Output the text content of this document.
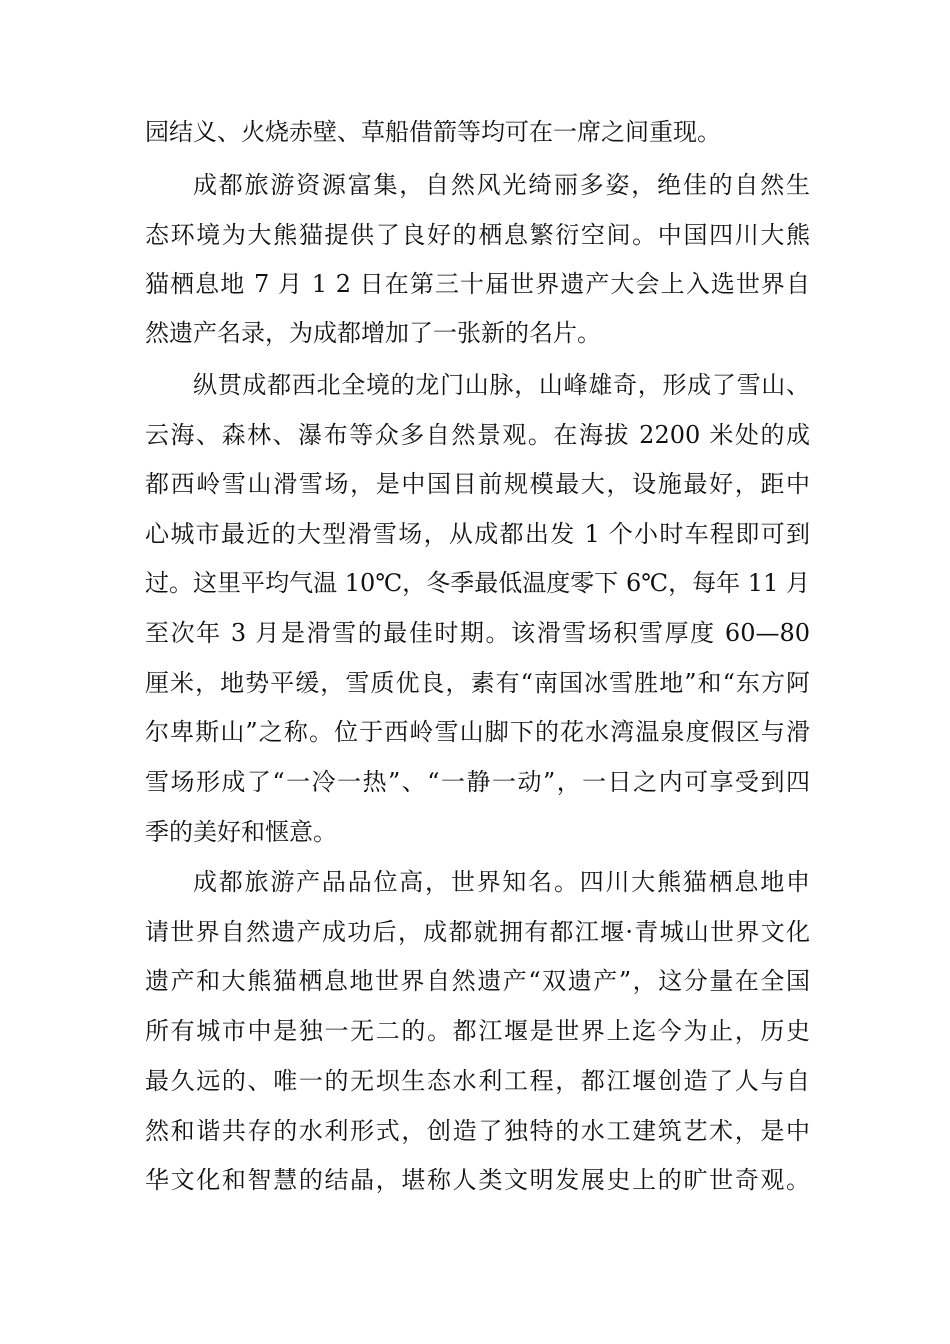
园结义、火烧赤壁、草船借箭等均可在一席之间重现。
成都旅游资源富集，自然风光绮丽多姿，绝佳的自然生
态环境为大熊猫提供了良好的栖息繁衍空间。中国四川大熊
猫栖息地 7 月 1 2 日在第三十届世界遗产大会上入选世界自
然遗产名录，为成都增加了一张新的名片。
纵贯成都西北全境的龙门山脉，山峰雄奇，形成了雪山、
云海、森林、瀑布等众多自然景观。在海拔 2200 米处的成
都西岭雪山滑雪场，是中国目前规模最大，设施最好，距中
心城市最近的大型滑雪场，从成都出发 1 个小时车程即可到
过。这里平均气温 10℃，冬季最低温度零下 6℃，每年 11 月
至次年 3 月是滑雪的最佳时期。该滑雪场积雪厚度 60—80
厘米，地势平缓，雪质优良，素有“南国冰雪胜地”和“东方阿
尔卑斯山”之称。位于西岭雪山脚下的花水湾温泉度假区与滑
雪场形成了“一冷一热”、“一静一动”，一日之内可享受到四
季的美好和惬意。
成都旅游产品品位高，世界知名。四川大熊猫栖息地申
请世界自然遗产成功后，成都就拥有都江堰·青城山世界文化
遗产和大熊猫栖息地世界自然遗产“双遗产”，这分量在全国
所有城市中是独一无二的。都江堰是世界上迄今为止，历史
最久远的、唯一的无坝生态水利工程，都江堰创造了人与自
然和谐共存的水利形式，创造了独特的水工建筑艺术，是中
华文化和智慧的结晶，堪称人类文明发展史上的旷世奇观。
